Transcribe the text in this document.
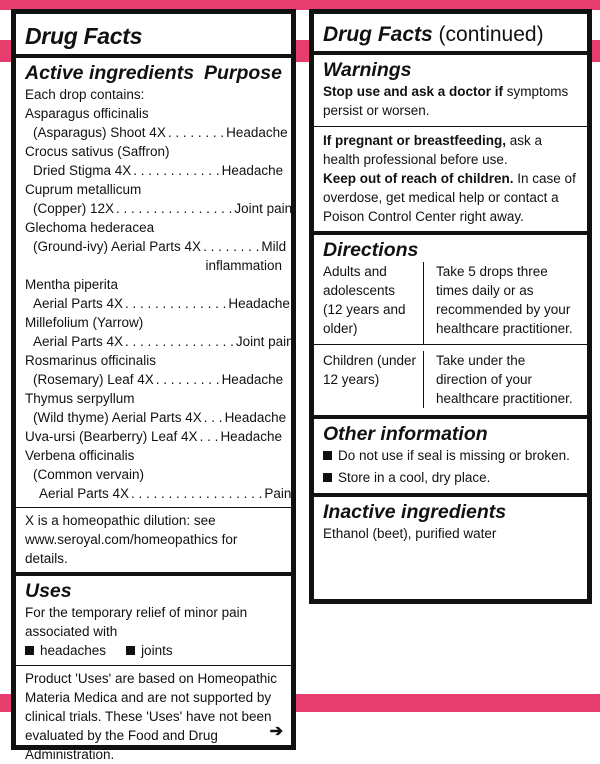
Drug Facts
Active ingredients Purpose
Each drop contains:
Asparagus officinalis
(Asparagus) Shoot 4X . . . . . . . . Headache
Crocus sativus (Saffron)
Dried Stigma 4X . . . . . . . . . . . . Headache
Cuprum metallicum
(Copper) 12X . . . . . . . . . . . . . . . . Joint pain
Glechoma hederacea
(Ground-ivy) Aerial Parts 4X . . . . . . . . Mild
inflammation
Mentha piperita
Aerial Parts 4X . . . . . . . . . . . . . . Headache
Millefolium (Yarrow)
Aerial Parts 4X . . . . . . . . . . . . . . . Joint pain
Rosmarinus officinalis
(Rosemary) Leaf 4X . . . . . . . . . Headache
Thymus serpyllum
(Wild thyme) Aerial Parts 4X . . . Headache
Uva-ursi (Bearberry) Leaf 4X . . . Headache
Verbena officinalis
(Common vervain)
Aerial Parts 4X . . . . . . . . . . . . . . . . . . Pain
X is a homeopathic dilution: see www.seroyal.com/homeopathics for details.
Uses
For the temporary relief of minor pain associated with
headaches	joints
Product 'Uses' are based on Homeopathic Materia Medica and are not supported by clinical trials. These 'Uses' have not been evaluated by the Food and Drug Administration.
➔
Drug Facts (continued)
Warnings
Stop use and ask a doctor if symptoms persist or worsen.
If pregnant or breastfeeding, ask a health professional before use.
Keep out of reach of children. In case of overdose, get medical help or contact a Poison Control Center right away.
Directions
Adults and adolescents (12 years and older)
Take 5 drops three times daily or as recommended by your healthcare practitioner.
Children (under 12 years)
Take under the direction of your healthcare practitioner.
Other information
Do not use if seal is missing or broken.
Store in a cool, dry place.
Inactive ingredients
Ethanol (beet), purified water
